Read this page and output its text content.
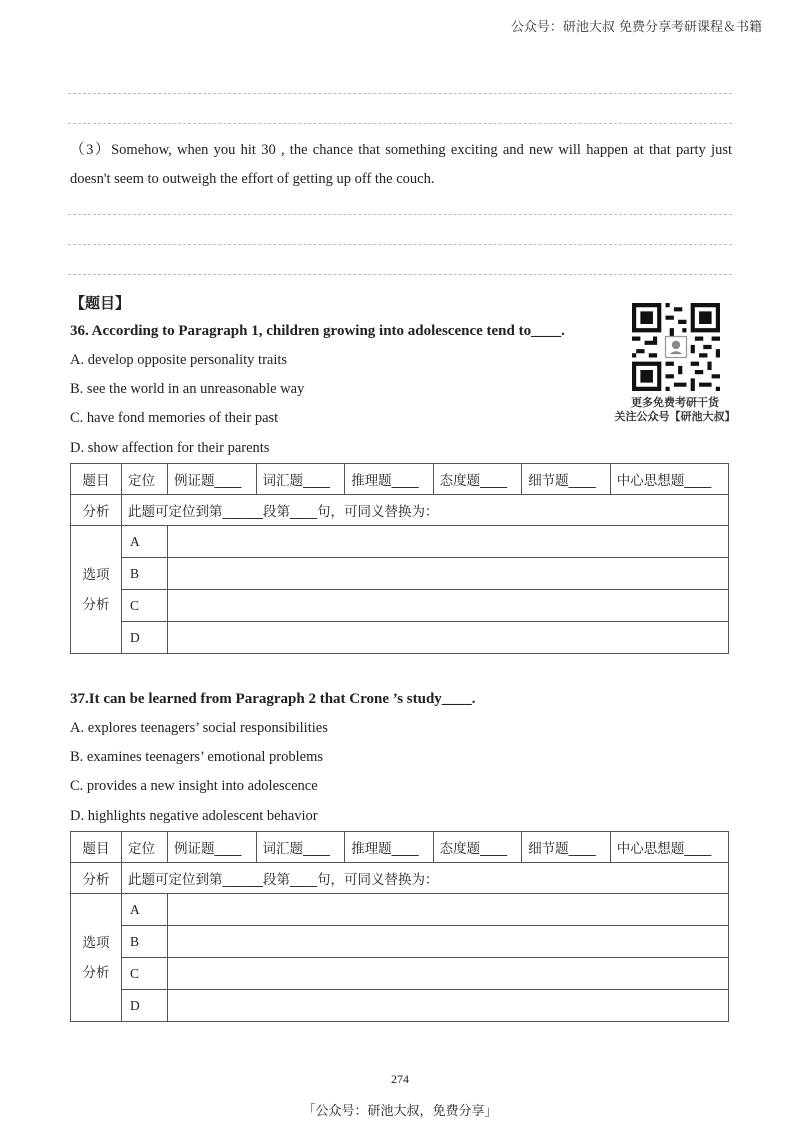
公众号：研池大叔 免费分享考研课程＆书籍
（3）Somehow, when you hit 30 , the chance that something exciting and new will happen at that party just doesn't seem to outweigh the effort of getting up off the couch.
【题目】
更多免费考研干货
关注公众号【研池大叔】
36. According to Paragraph 1, children growing into adolescence tend to____.
A. develop opposite personality traits
B. see the world in an unreasonable way
C. have fond memories of their past
D. show affection for their parents
题目	定位	例证题____	词汇题____	推理题____	态度题____	细节题____	中心思想题____
分析	此题可定位到第______段第____句，可同义替换为：						

选项
分析	A						
	B						
	C						
	D						
37.It can be learned from Paragraph 2 that Crone ’s study____.
A. explores teenagers’ social responsibilities
B. examines teenagers’ emotional problems
C. provides a new insight into adolescence
D. highlights negative adolescent behavior
题目	定位	例证题____	词汇题____	推理题____	态度题____	细节题____	中心思想题____
分析	此题可定位到第______段第____句，可同义替换为：						

选项
分析	A						
	B						
	C						
	D						
274
「公众号：研池大叔，免费分享」
